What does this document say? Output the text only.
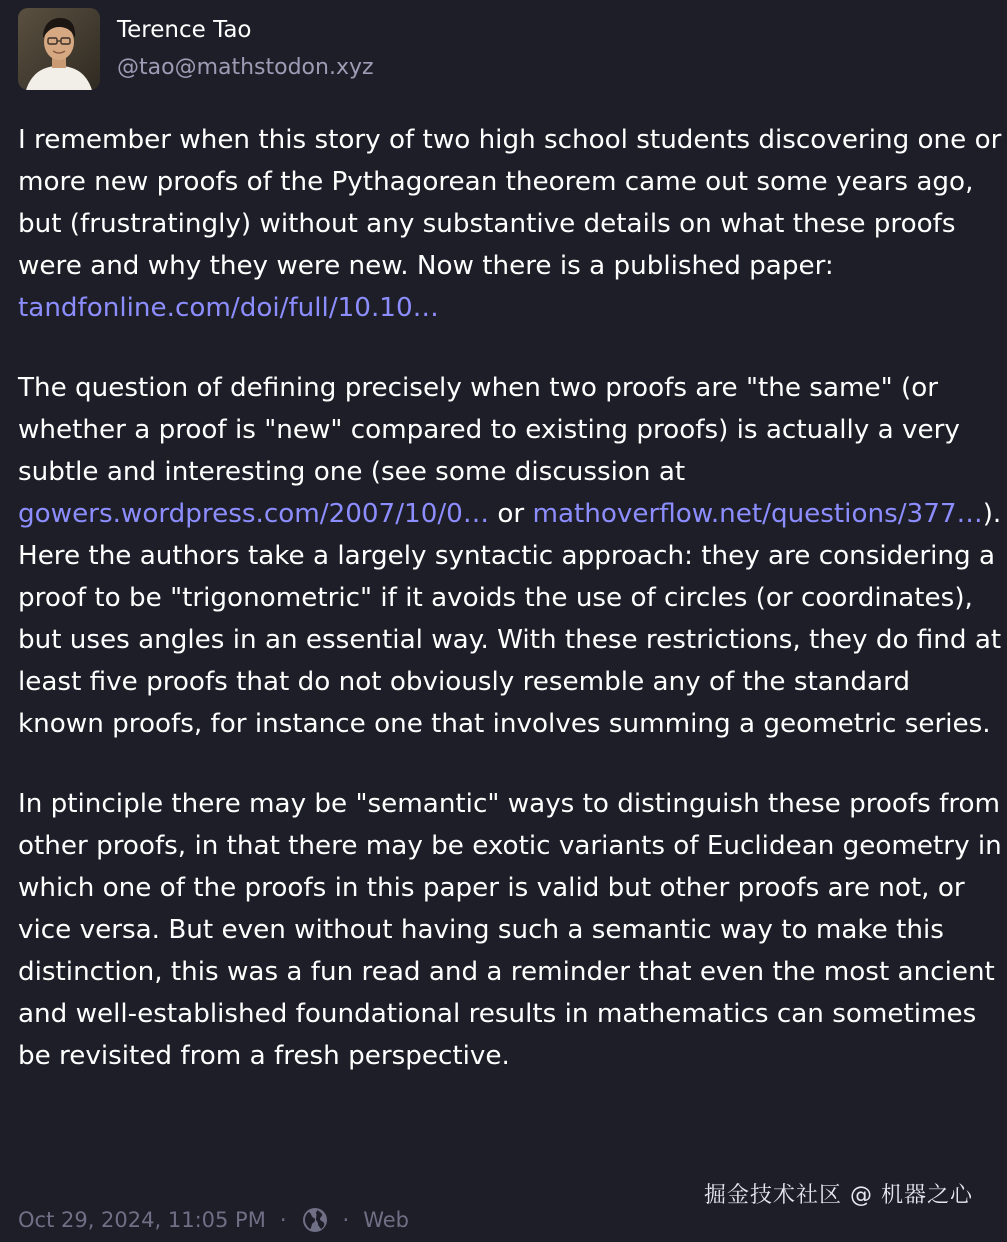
Terence Tao
@tao@mathstodon.xyz

I remember when this story of two high school students discovering one or more new proofs of the Pythagorean theorem came out some years ago, but (frustratingly) without any substantive details on what these proofs were and why they were new. Now there is a published paper: tandfonline.com/doi/full/10.10…

The question of defining precisely when two proofs are "the same" (or whether a proof is "new" compared to existing proofs) is actually a very subtle and interesting one (see some discussion at gowers.wordpress.com/2007/10/0… or mathoverflow.net/questions/377…). Here the authors take a largely syntactic approach: they are considering a proof to be "trigonometric" if it avoids the use of circles (or coordinates), but uses angles in an essential way. With these restrictions, they do find at least five proofs that do not obviously resemble any of the standard known proofs, for instance one that involves summing a geometric series.

In ptinciple there may be "semantic" ways to distinguish these proofs from other proofs, in that there may be exotic variants of Euclidean geometry in which one of the proofs in this paper is valid but other proofs are not, or vice versa. But even without having such a semantic way to make this distinction, this was a fun read and a reminder that even the most ancient and well-established foundational results in mathematics can sometimes be revisited from a fresh perspective.

Oct 29, 2024, 11:05 PM ·	· Web
掘金技术社区 @ 机器之心
